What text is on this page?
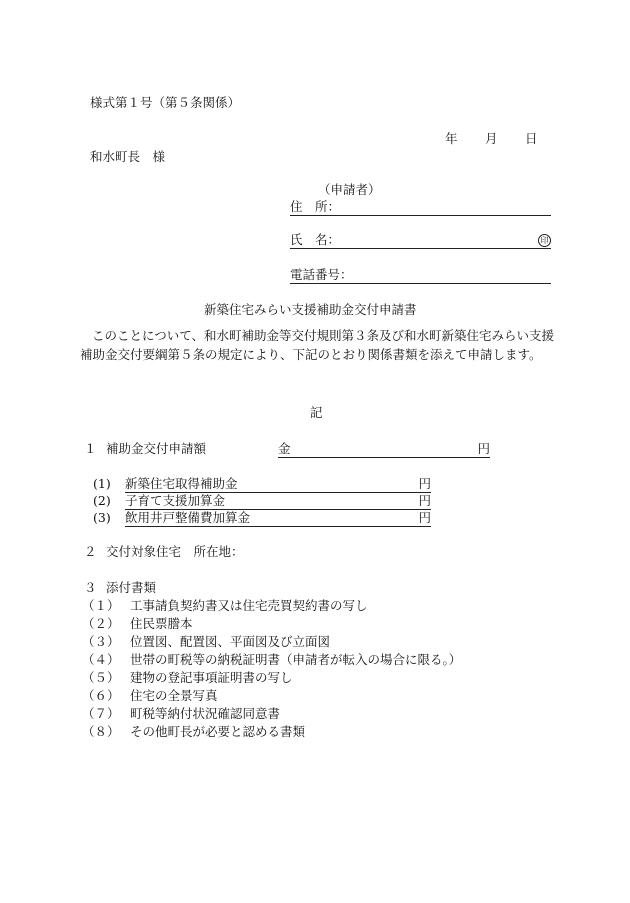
様式第１号（第５条関係）
年 月 日
和水町長　様
（申請者）
住　所：
氏　名：	印
電話番号：
新築住宅みらい支援補助金交付申請書
このことについて、和水町補助金等交付規則第３条及び和水町新築住宅みらい支援補助金交付要綱第５条の規定により、下記のとおり関係書類を添えて申請します。
記
１ 補助金交付申請額	金	円
(1) 新築住宅取得補助金	円
(2) 子育て支援加算金	円
(3) 飲用井戸整備費加算金	円
２ 交付対象住宅　所在地：
３ 添付書類
（１） 工事請負契約書又は住宅売買契約書の写し
（２） 住民票謄本
（３） 位置図、配置図、平面図及び立面図
（４） 世帯の町税等の納税証明書（申請者が転入の場合に限る。）
（５） 建物の登記事項証明書の写し
（６） 住宅の全景写真
（７） 町税等納付状況確認同意書
（８） その他町長が必要と認める書類
